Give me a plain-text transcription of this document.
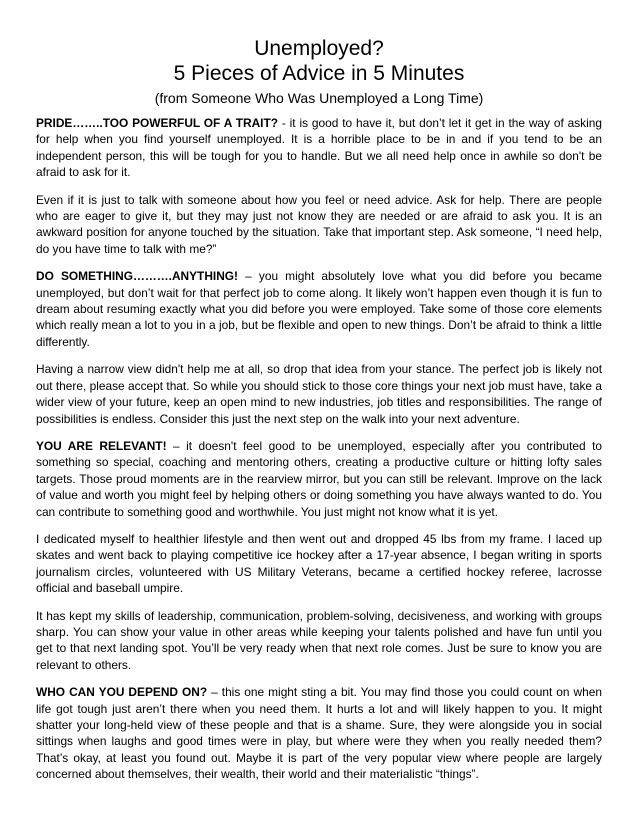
Unemployed?
5 Pieces of Advice in 5 Minutes
(from Someone Who Was Unemployed a Long Time)

PRIDE……..TOO POWERFUL OF A TRAIT? - it is good to have it, but don’t let it get in the way of asking for help when you find yourself unemployed. It is a horrible place to be in and if you tend to be an independent person, this will be tough for you to handle. But we all need help once in awhile so don't be afraid to ask for it.

Even if it is just to talk with someone about how you feel or need advice. Ask for help. There are people who are eager to give it, but they may just not know they are needed or are afraid to ask you. It is an awkward position for anyone touched by the situation. Take that important step. Ask someone, “I need help, do you have time to talk with me?”

DO SOMETHING……….ANYTHING! – you might absolutely love what you did before you became unemployed, but don’t wait for that perfect job to come along. It likely won’t happen even though it is fun to dream about resuming exactly what you did before you were employed. Take some of those core elements which really mean a lot to you in a job, but be flexible and open to new things. Don’t be afraid to think a little differently.

Having a narrow view didn't help me at all, so drop that idea from your stance. The perfect job is likely not out there, please accept that. So while you should stick to those core things your next job must have, take a wider view of your future, keep an open mind to new industries, job titles and responsibilities. The range of possibilities is endless. Consider this just the next step on the walk into your next adventure.

YOU ARE RELEVANT! – it doesn't feel good to be unemployed, especially after you contributed to something so special, coaching and mentoring others, creating a productive culture or hitting lofty sales targets. Those proud moments are in the rearview mirror, but you can still be relevant. Improve on the lack of value and worth you might feel by helping others or doing something you have always wanted to do. You can contribute to something good and worthwhile. You just might not know what it is yet.

I dedicated myself to healthier lifestyle and then went out and dropped 45 lbs from my frame. I laced up skates and went back to playing competitive ice hockey after a 17-year absence, I began writing in sports journalism circles, volunteered with US Military Veterans, became a certified hockey referee, lacrosse official and baseball umpire.

It has kept my skills of leadership, communication, problem-solving, decisiveness, and working with groups sharp. You can show your value in other areas while keeping your talents polished and have fun until you get to that next landing spot. You’ll be very ready when that next role comes. Just be sure to know you are relevant to others.

WHO CAN YOU DEPEND ON? – this one might sting a bit. You may find those you could count on when life got tough just aren’t there when you need them. It hurts a lot and will likely happen to you. It might shatter your long-held view of these people and that is a shame. Sure, they were alongside you in social sittings when laughs and good times were in play, but where were they when you really needed them? That’s okay, at least you found out. Maybe it is part of the very popular view where people are largely concerned about themselves, their wealth, their world and their materialistic “things”.
